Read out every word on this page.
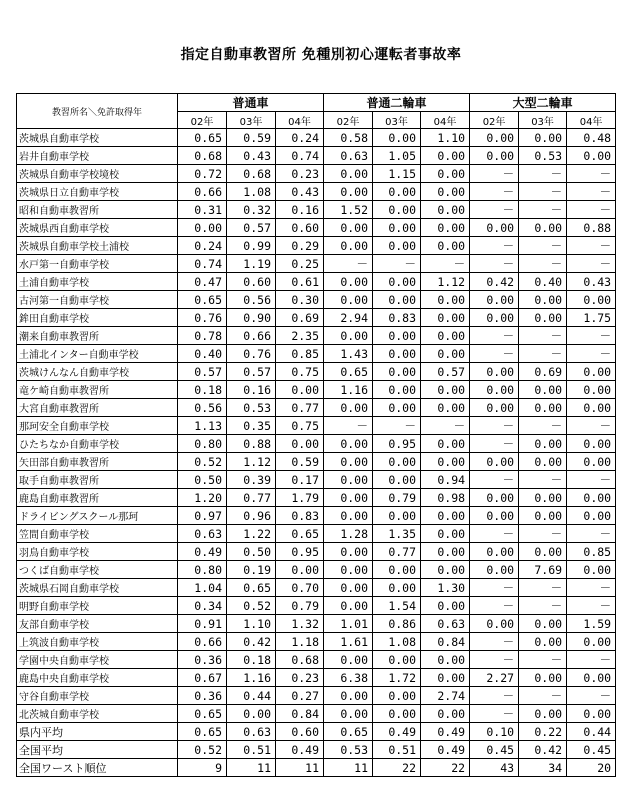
指定自動車教習所 免種別初心運転者事故率
教習所名＼免許取得年	普通車			普通二輪車			大型二輪車		
	02年	03年	04年	02年	03年	04年	02年	03年	04年
茨城県自動車学校	0.65	0.59	0.24	0.58	0.00	1.10	0.00	0.00	0.48
岩井自動車学校	0.68	0.43	0.74	0.63	1.05	0.00	0.00	0.53	0.00
茨城県自動車学校境校	0.72	0.68	0.23	0.00	1.15	0.00	－	－	－
茨城県日立自動車学校	0.66	1.08	0.43	0.00	0.00	0.00	－	－	－
昭和自動車教習所	0.31	0.32	0.16	1.52	0.00	0.00	－	－	－
茨城県西自動車学校	0.00	0.57	0.60	0.00	0.00	0.00	0.00	0.00	0.88
茨城県自動車学校土浦校	0.24	0.99	0.29	0.00	0.00	0.00	－	－	－
水戸第一自動車学校	0.74	1.19	0.25	－	－	－	－	－	－
土浦自動車学校	0.47	0.60	0.61	0.00	0.00	1.12	0.42	0.40	0.43
古河第一自動車学校	0.65	0.56	0.30	0.00	0.00	0.00	0.00	0.00	0.00
鉾田自動車学校	0.76	0.90	0.69	2.94	0.83	0.00	0.00	0.00	1.75
潮来自動車教習所	0.78	0.66	2.35	0.00	0.00	0.00	－	－	－
土浦北インター自動車学校	0.40	0.76	0.85	1.43	0.00	0.00	－	－	－
茨城けんなん自動車学校	0.57	0.57	0.75	0.65	0.00	0.57	0.00	0.69	0.00
竜ケ崎自動車教習所	0.18	0.16	0.00	1.16	0.00	0.00	0.00	0.00	0.00
大宮自動車教習所	0.56	0.53	0.77	0.00	0.00	0.00	0.00	0.00	0.00
那珂安全自動車学校	1.13	0.35	0.75	－	－	－	－	－	－
ひたちなか自動車学校	0.80	0.88	0.00	0.00	0.95	0.00	－	0.00	0.00
矢田部自動車教習所	0.52	1.12	0.59	0.00	0.00	0.00	0.00	0.00	0.00
取手自動車教習所	0.50	0.39	0.17	0.00	0.00	0.94	－	－	－
鹿島自動車教習所	1.20	0.77	1.79	0.00	0.79	0.98	0.00	0.00	0.00
ドライビングスクール那珂	0.97	0.96	0.83	0.00	0.00	0.00	0.00	0.00	0.00
笠間自動車学校	0.63	1.22	0.65	1.28	1.35	0.00	－	－	－
羽鳥自動車学校	0.49	0.50	0.95	0.00	0.77	0.00	0.00	0.00	0.85
つくば自動車学校	0.80	0.19	0.00	0.00	0.00	0.00	0.00	7.69	0.00
茨城県石岡自動車学校	1.04	0.65	0.70	0.00	0.00	1.30	－	－	－
明野自動車学校	0.34	0.52	0.79	0.00	1.54	0.00	－	－	－
友部自動車学校	0.91	1.10	1.32	1.01	0.86	0.63	0.00	0.00	1.59
上筑波自動車学校	0.66	0.42	1.18	1.61	1.08	0.84	－	0.00	0.00
学園中央自動車学校	0.36	0.18	0.68	0.00	0.00	0.00	－	－	－
鹿島中央自動車学校	0.67	1.16	0.23	6.38	1.72	0.00	2.27	0.00	0.00
守谷自動車学校	0.36	0.44	0.27	0.00	0.00	2.74	－	－	－
北茨城自動車学校	0.65	0.00	0.84	0.00	0.00	0.00	－	0.00	0.00
県内平均	0.65	0.63	0.60	0.65	0.49	0.49	0.10	0.22	0.44
全国平均	0.52	0.51	0.49	0.53	0.51	0.49	0.45	0.42	0.45
全国ワースト順位	9	11	11	11	22	22	43	34	20
